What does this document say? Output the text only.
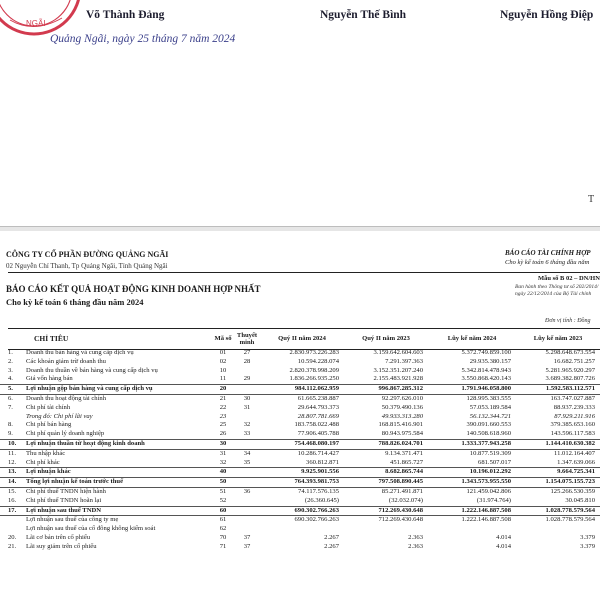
NGÃI
Võ Thành Đảng	Nguyễn Thế Bình	Nguyễn Hồng Điệp
Quảng Ngãi, ngày 25 tháng 7 năm 2024
T
CÔNG TY CỔ PHẦN ĐƯỜNG QUẢNG NGÃI
02 Nguyễn Chí Thanh, Tp Quảng Ngãi, Tỉnh Quảng Ngãi
BÁO CÁO TÀI CHÍNH HỢP
Cho kỳ kế toán 6 tháng đầu năm
BÁO CÁO KẾT QUẢ HOẠT ĐỘNG KINH DOANH HỢP NHẤT
Cho kỳ kế toán 6 tháng đầu năm 2024
Mẫu số B 02 – DN/HN
Ban hành theo Thông tư số 202/2014/
ngày 22/12/2014 của Bộ Tài chính
Đơn vị tính : Đồng
CHỈ TIÊU		Mã số	Thuyết minh	Quý II năm 2024	Quý II năm 2023	Lũy kế năm 2024	Lũy kế năm 2023
1.	Doanh thu bán hàng và cung cấp dịch vụ	01	27	2.830.973.226.283	3.159.642.604.603	5.372.749.859.100	5.298.648.673.554
2.	Các khoản giảm trừ doanh thu	02	28	10.594.228.074	7.291.397.363	29.935.380.157	16.682.751.257
3.	Doanh thu thuần về bán hàng và cung cấp dịch vụ	10		2.820.378.998.209	3.152.351.207.240	5.342.814.478.943	5.281.965.920.297
4.	Giá vốn hàng bán	11	29	1.836.266.935.250	2.155.483.921.928	3.550.868.420.143	3.689.382.807.726
5.	Lợi nhuận gộp bán hàng và cung cấp dịch vụ	20		984.112.062.959	996.867.285.312	1.791.946.058.800	1.592.583.112.571
6.	Doanh thu hoạt động tài chính	21	30	61.665.238.887	92.297.626.010	128.995.383.555	163.747.027.887
7.	Chi phí tài chính	22	31	29.644.793.373	50.379.490.136	57.053.189.584	88.937.239.333
	Trong đó: Chi phí lãi vay	23		28.807.781.669	49.933.313.280	56.132.344.721	87.929.211.916
8.	Chi phí bán hàng	25	32	183.758.022.488	168.815.416.901	390.091.660.553	379.385.653.160
9.	Chi phí quản lý doanh nghiệp	26	33	77.906.405.788	80.943.975.584	140.508.618.960	143.596.117.583
10.	Lợi nhuận thuần từ hoạt động kinh doanh	30		754.468.080.197	788.826.024.701	1.333.377.943.258	1.144.410.630.382
11.	Thu nhập khác	31	34	10.286.714.427	9.134.371.471	10.877.519.309	11.012.164.407
12.	Chi phí khác	32	35	360.812.871	451.865.727	681.507.017	1.347.639.066
13.	Lợi nhuận khác	40		9.925.901.556	8.682.865.744	10.196.012.292	9.664.725.341
14.	Tổng lợi nhuận kế toán trước thuế	50		764.393.981.753	797.508.890.445	1.343.573.955.550	1.154.075.155.723
15.	Chi phí thuế TNDN hiện hành	51	36	74.117.576.135	85.271.491.871	121.459.042.806	125.266.530.359
16.	Chi phí thuế TNDN hoãn lại	52		(26.360.645)	(32.032.074)	(31.974.764)	30.045.810
17.	Lợi nhuận sau thuế TNDN	60		690.302.766.263	712.269.430.648	1.222.146.887.508	1.028.778.579.564
	Lợi nhuận sau thuế của công ty mẹ	61		690.302.766.263	712.269.430.648	1.222.146.887.508	1.028.778.579.564
	Lợi nhuận sau thuế của cổ đông không kiểm soát	62					
20.	Lãi cơ bản trên cổ phiếu	70	37	2.267	2.363	4.014	3.379
21.	Lãi suy giảm trên cổ phiếu	71	37	2.267	2.363	4.014	3.379
